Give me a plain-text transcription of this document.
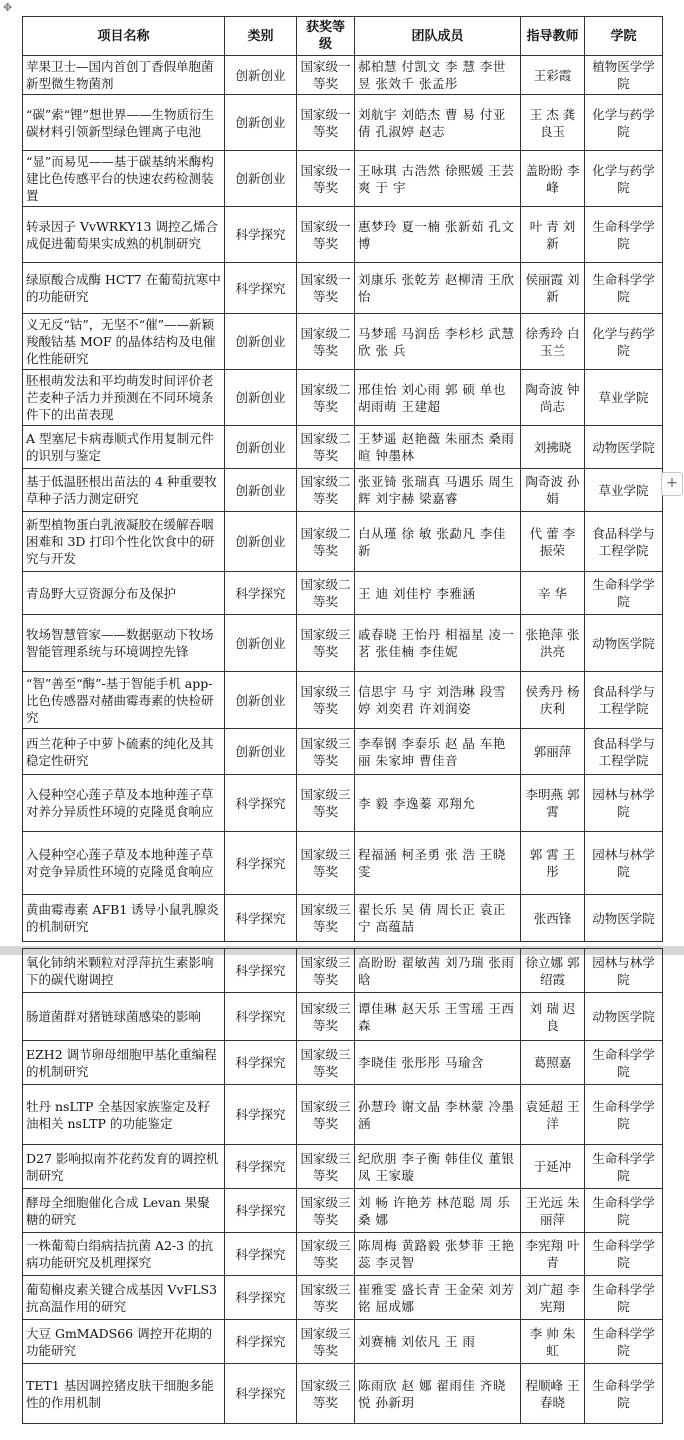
✥
项目名称	类别	获奖等级	团队成员	指导教师	学院
苹果卫士—国内首创丁香假单胞菌新型微生物菌剂	创新创业	国家级一等奖	郝柏慧 付凯文 李 慧 李世昱 张效千 张孟彤	王彩霞	植物医学学院
“碳”索“锂”想世界——生物质衍生碳材料引领新型绿色锂离子电池	创新创业	国家级一等奖	刘航宇 刘皓杰 曹 易 付亚倩 孔淑婷 赵志	王 杰 龚良玉	化学与药学院
“显”而易见——基于碳基纳米酶构建比色传感平台的快速农药检测装置	创新创业	国家级一等奖	王咏琪 古浩然 徐熙媛 王芸爽 于 宇	盖盼盼 李 峰	化学与药学院
转录因子 VvWRKY13 调控乙烯合成促进葡萄果实成熟的机制研究	科学探究	国家级一等奖	惠梦玲 夏一楠 张新茹 孔文博	叶 青 刘 新	生命科学学院
绿原酸合成酶 HCT7 在葡萄抗寒中的功能研究	科学探究	国家级一等奖	刘康乐 张乾芳 赵柳清 王欣怡	侯丽霞 刘 新	生命科学学院
义无反“钴”，无坚不“催”——新颖羧酸钴基 MOF 的晶体结构及电催化性能研究	创新创业	国家级二等奖	马梦瑶 马润岳 李杉杉 武慧欣 张 兵	徐秀玲 白玉兰	化学与药学院
胚根萌发法和平均萌发时间评价老芒麦种子活力并预测在不同环境条件下的出苗表现	创新创业	国家级二等奖	邢佳怡 刘心雨 郭 硕 单也 胡雨萌 王建超	陶奇波 钟尚志	草业学院
A 型塞尼卡病毒顺式作用复制元件的识别与鉴定	创新创业	国家级二等奖	王梦遥 赵艳薇 朱丽杰 桑雨暄 钟墨林	刘拂晓	动物医学院
基于低温胚根出苗法的 4 种重要牧草种子活力测定研究	创新创业	国家级二等奖	张亚锜 张瑞真 马遇乐 周生辉 刘宇赫 梁嘉睿	陶奇波 孙 娟	草业学院
新型植物蛋白乳液凝胶在缓解吞咽困难和 3D 打印个性化饮食中的研究与开发	创新创业	国家级二等奖	白从瑾 徐 敏 张勐凡 李佳新	代 蕾 李振荣	食品科学与工程学院
青岛野大豆资源分布及保护	科学探究	国家级二等奖	王 迪 刘佳柠 李雅涵	辛 华	生命科学学院
牧场智慧管家——数据驱动下牧场智能管理系统与环境调控先锋	创新创业	国家级三等奖	戚春晓 王怡丹 相福星 凌一茗 张佳楠 李佳妮	张艳萍 张洪亮	动物医学院
“智”善至“酶”-基于智能手机 app-比色传感器对赭曲霉毒素的快检研究	创新创业	国家级三等奖	信思宇 马 宇 刘浩琳 段雪婷 刘奕君 许刘润姿	侯秀丹 杨庆利	食品科学与工程学院
西兰花种子中萝卜硫素的纯化及其稳定性研究	创新创业	国家级三等奖	李奉钢 李泰乐 赵 晶 车艳丽 朱家坤 曹佳音	郭丽萍	食品科学与工程学院
入侵种空心莲子草及本地种莲子草对养分异质性环境的克隆觅食响应	科学探究	国家级三等奖	李 毅 李逸蓁 邓翔允	李明燕 郭 霄	园林与林学院
入侵种空心莲子草及本地种莲子草对竞争异质性环境的克隆觅食响应	科学探究	国家级三等奖	程福涵 柯圣勇 张 浩 王晓雯	郭 霄 王 彤	园林与林学院
黄曲霉毒素 AFB1 诱导小鼠乳腺炎的机制研究	科学探究	国家级三等奖	翟长乐 吴 倩 周长正 袁正宁 高蕴喆	张西锋	动物医学院
氧化铈纳米颗粒对浮萍抗生素影响下的碳代谢调控	科学探究	国家级三等奖	高盼盼 翟敏茜 刘乃瑞 张雨晗	徐立娜 郭绍霞	园林与林学院
肠道菌群对猪链球菌感染的影响	科学探究	国家级三等奖	谭佳琳 赵天乐 王雪瑶 王西森	刘 瑞 迟 良	动物医学院
EZH2 调节卵母细胞甲基化重编程的机制研究	科学探究	国家级三等奖	李晓佳 张彤彤 马瑜含	葛照嘉	生命科学学院
牡丹 nsLTP 全基因家族鉴定及籽油相关 nsLTP 的功能鉴定	科学探究	国家级三等奖	孙慧玲 谢文晶 李林蒙 冷墨涵	袁延超 王 洋	生命科学学院
D27 影响拟南芥花药发育的调控机制研究	科学探究	国家级三等奖	纪欣朋 李子衡 韩佳仪 董银凤 王家璇	于延冲	生命科学学院
酵母全细胞催化合成 Levan 果聚糖的研究	科学探究	国家级三等奖	刘 畅 许艳芳 林范聪 周 乐 桑 娜	王光远 朱丽萍	生命科学学院
一株葡萄白绢病拮抗菌 A2-3 的抗病功能研究及机理探究	科学探究	国家级三等奖	陈周梅 黄路毅 张梦菲 王艳蕊 李灵智	李宪翔 叶 青	生命科学学院
葡萄槲皮素关键合成基因 VvFLS3 抗高温作用的研究	科学探究	国家级三等奖	崔雅雯 盛长青 王金荣 刘芳铭 屈成娜	刘广超 李宪翔	生命科学学院
大豆 GmMADS66 调控开花期的功能研究	科学探究	国家级三等奖	刘赛楠 刘依凡 王 雨	李 帅 朱 虹	生命科学学院
TET1 基因调控猪皮肤干细胞多能性的作用机制	科学探究	国家级三等奖	陈雨欣 赵 娜 翟雨佳 齐晓悦 孙新玥	程顺峰 王春晓	生命科学学院
+
